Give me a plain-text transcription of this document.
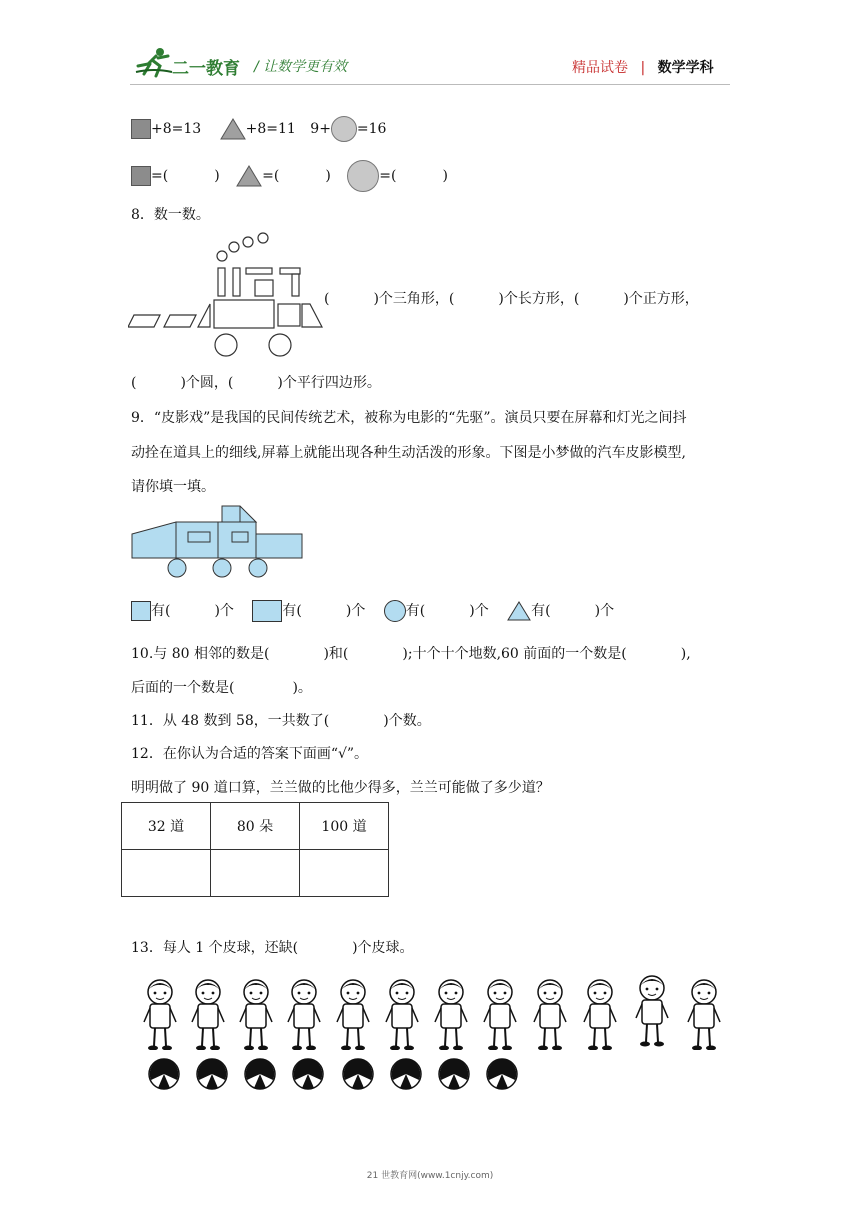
二一教育 / 让数学更有效	精品试卷 | 数学学科
+8=13	+8=11 9+ =16
=(	)	=(	)	=(	)
8．数一数。
(	)个三角形，(	)个长方形，(	)个正方形，
(	)个圆，(	)个平行四边形。
9．“皮影戏”是我国的民间传统艺术，被称为电影的“先驱”。演员只要在屏幕和灯光之间抖
动拴在道具上的细线,屏幕上就能出现各种生动活泼的形象。下图是小梦做的汽车皮影模型,
请你填一填。
有(	)个	有(	)个	有(	)个	有(	)个
10.与 80 相邻的数是(	)和(	);十个十个地数,60 前面的一个数是(	),
后面的一个数是(	)。
11．从 48 数到 58，一共数了(	)个数。
12．在你认为合适的答案下面画“√”。
明明做了 90 道口算，兰兰做的比他少得多，兰兰可能做了多少道？
32 道	80 朵	100 道

13．每人 1 个皮球，还缺(	)个皮球。
21 世教育网(www.1cnjy.com)
